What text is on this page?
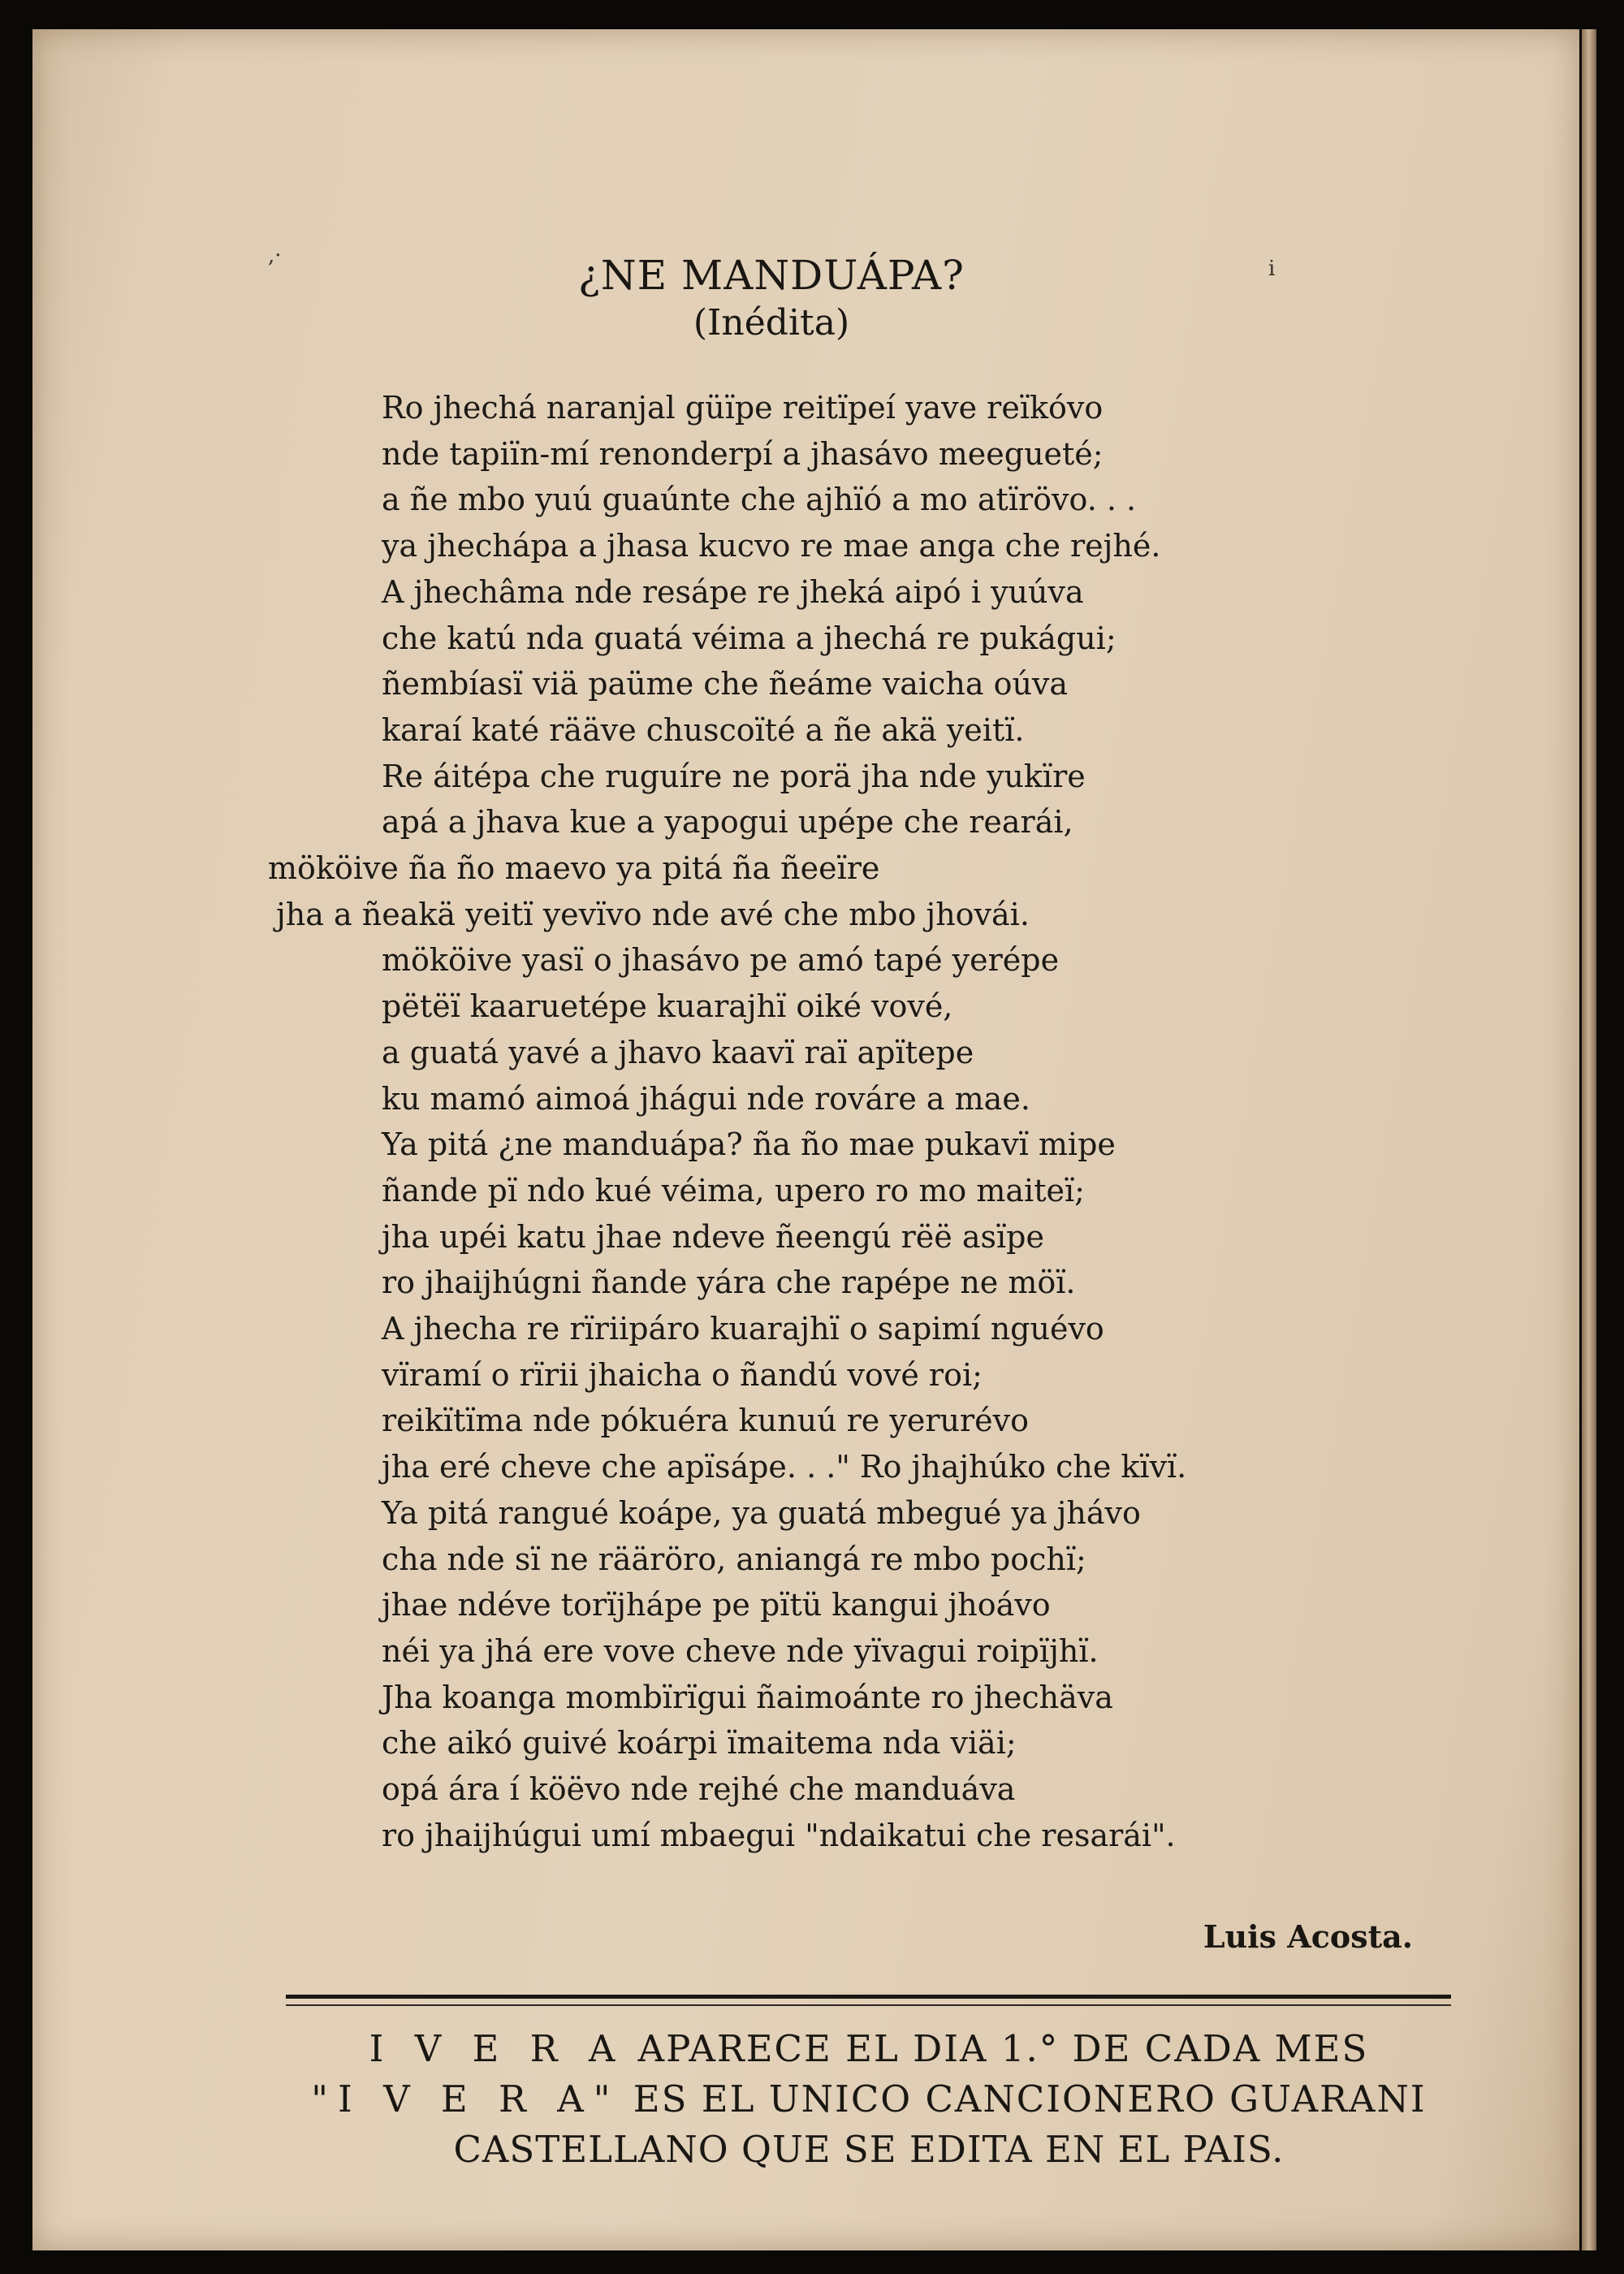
,·
i
¿NE MANDUÁPA?
(Inédita)
Ro jhechá naranjal güïpe reitïpeí yave reïkóvo
nde tapiïn-mí renonderpí a jhasávo meegueté;
a ñe mbo yuú guaúnte che ajhïó a mo atïrövo. . .
ya jhechápa a jhasa kucvo re mae anga che rejhé.
A jhechâma nde resápe re jheká aipó i yuúva
che katú nda guatá véima a jhechá re pukágui;
ñembíasï viä paüme che ñeáme vaicha oúva
karaí katé rääve chuscoïté a ñe akä yeitï.
Re áitépa che ruguíre ne porä jha nde yukïre
apá a jhava kue a yapogui upépe che rearái,
mököive ña ño maevo ya pitá ña ñeeïre
jha a ñeakä yeitï yevïvo nde avé che mbo jhovái.
mököive yasï o jhasávo pe amó tapé yerépe
pëtëï kaaruetépe kuarajhï oiké vové,
a guatá yavé a jhavo kaavï raï apïtepe
ku mamó aimoá jhágui nde rováre a mae.
Ya pitá ¿ne manduápa? ña ño mae pukavï mipe
ñande pï ndo kué véima, upero ro mo maiteï;
jha upéi katu jhae ndeve ñeengú rëë asïpe
ro jhaijhúgni ñande yára che rapépe ne möï.
A jhecha re rïriipáro kuarajhï o sapimí nguévo
vïramí o rïrii jhaicha o ñandú vové roi;
reikïtïma nde pókuéra kunuú re yerurévo
jha eré cheve che apïsápe. . ." Ro jhajhúko che kïvï.
Ya pitá rangué koápe, ya guatá mbegué ya jhávo
cha nde sï ne rääröro, aniangá re mbo pochï;
jhae ndéve torïjhápe pe pïtü kangui jhoávo
néi ya jhá ere vove cheve nde yïvagui roipïjhï.
Jha koanga mombïrïgui ñaimoánte ro jhechäva
che aikó guivé koárpi ïmaitema nda viäi;
opá ára í köëvo nde rejhé che manduáva
ro jhaijhúgui umí mbaegui "ndaikatui che resarái".
Luis Acosta.
I V E R A APARECE EL DIA 1.° DE CADA MES
"I V E R A" ES EL UNICO CANCIONERO GUARANI
CASTELLANO QUE SE EDITA EN EL PAIS.
